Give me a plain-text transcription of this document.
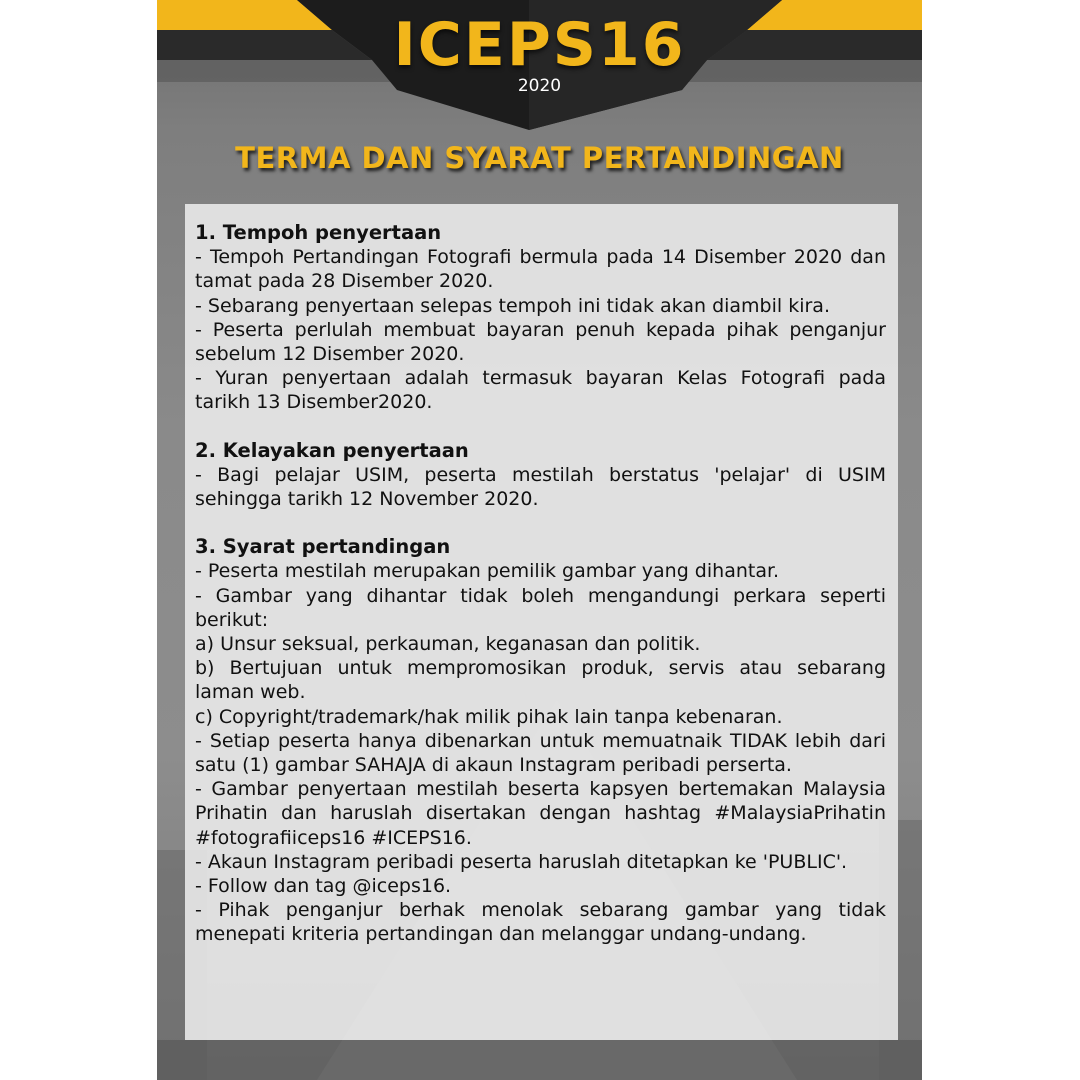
ICEPS16
2020
TERMA DAN SYARAT PERTANDINGAN
1. Tempoh penyertaan
- Tempoh Pertandingan Fotografi bermula pada 14 Disember 2020 dan tamat pada 28 Disember 2020.
- Sebarang penyertaan selepas tempoh ini tidak akan diambil kira.
- Peserta perlulah membuat bayaran penuh kepada pihak penganjur sebelum 12 Disember 2020.
- Yuran penyertaan adalah termasuk bayaran Kelas Fotografi pada tarikh 13 Disember2020.
2. Kelayakan penyertaan
- Bagi pelajar USIM, peserta mestilah berstatus 'pelajar' di USIM sehingga tarikh 12 November 2020.
3. Syarat pertandingan
- Peserta mestilah merupakan pemilik gambar yang dihantar.
- Gambar yang dihantar tidak boleh mengandungi perkara seperti berikut:
a) Unsur seksual, perkauman, keganasan dan politik.
b) Bertujuan untuk mempromosikan produk, servis atau sebarang laman web.
c) Copyright/trademark/hak milik pihak lain tanpa kebenaran.
- Setiap peserta hanya dibenarkan untuk memuatnaik TIDAK lebih dari satu (1) gambar SAHAJA di akaun Instagram peribadi perserta.
- Gambar penyertaan mestilah beserta kapsyen bertemakan Malaysia Prihatin dan haruslah disertakan dengan hashtag #MalaysiaPrihatin #fotografiiceps16 #ICEPS16.
- Akaun Instagram peribadi peserta haruslah ditetapkan ke 'PUBLIC'.
- Follow dan tag @iceps16.
- Pihak penganjur berhak menolak sebarang gambar yang tidak menepati kriteria pertandingan dan melanggar undang-undang.
